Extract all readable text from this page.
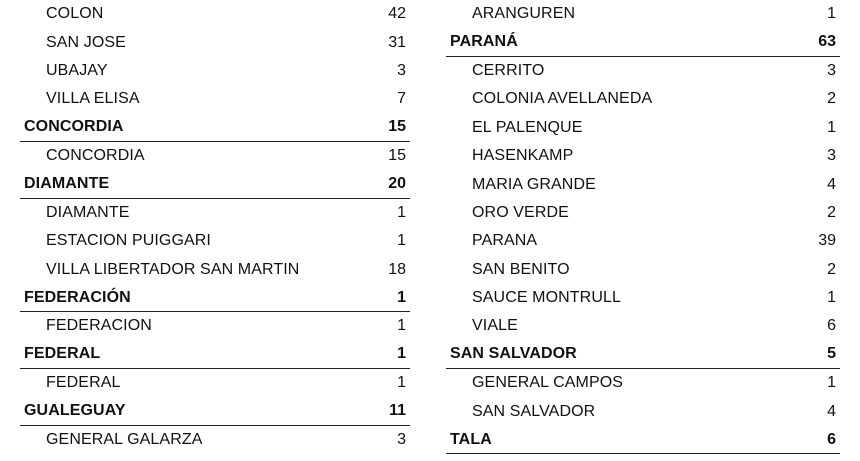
COLON	42
SAN JOSE	31
UBAJAY	3
VILLA ELISA	7
CONCORDIA	15
CONCORDIA	15
DIAMANTE	20
DIAMANTE	1
ESTACION PUIGGARI	1
VILLA LIBERTADOR SAN MARTIN	18
FEDERACIÓN	1
FEDERACION	1
FEDERAL	1
FEDERAL	1
GUALEGUAY	11
GENERAL GALARZA	3
ARANGUREN	1
PARANÁ	63
CERRITO	3
COLONIA AVELLANEDA	2
EL PALENQUE	1
HASENKAMP	3
MARIA GRANDE	4
ORO VERDE	2
PARANA	39
SAN BENITO	2
SAUCE MONTRULL	1
VIALE	6
SAN SALVADOR	5
GENERAL CAMPOS	1
SAN SALVADOR	4
TALA	6
